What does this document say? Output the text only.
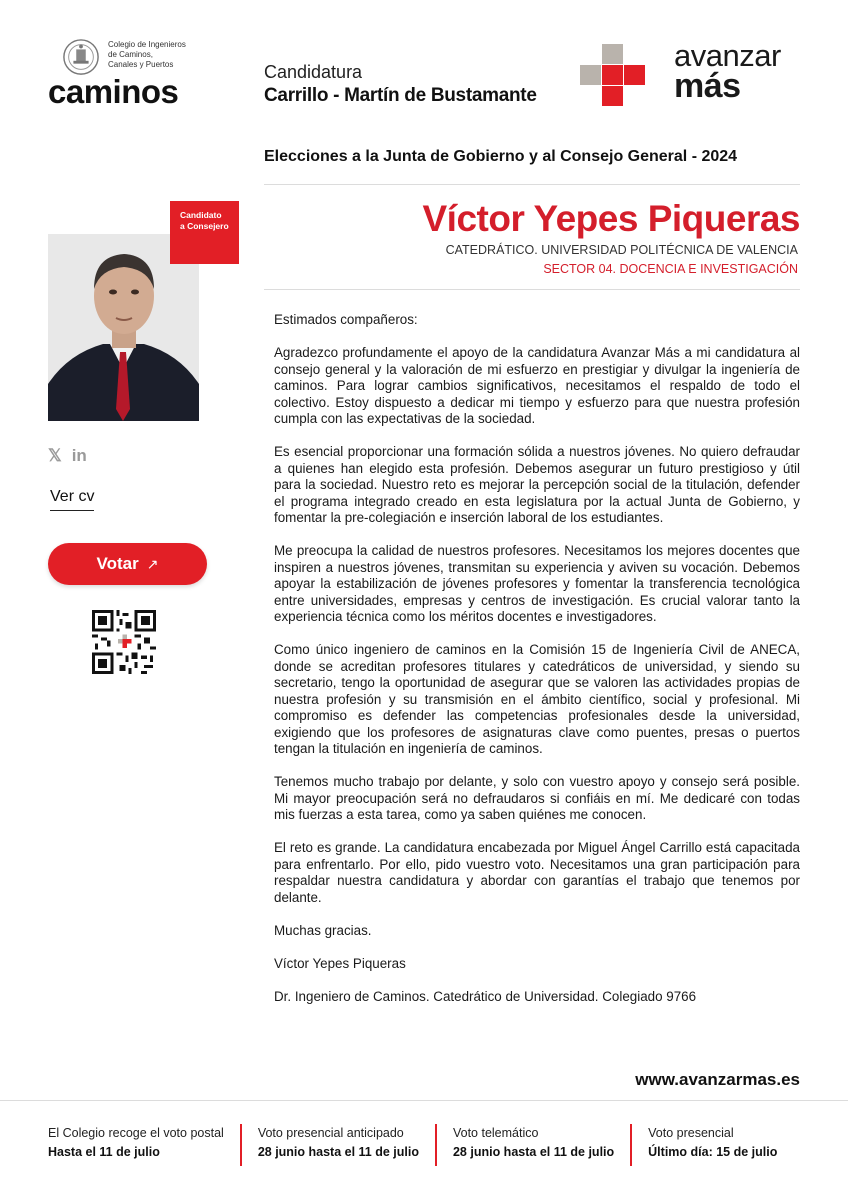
Colegio de Ingenieros
de Caminos,
Canales y Puertos
caminos
Candidatura
Carrillo - Martín de Bustamante
avanzar
más
Elecciones a la Junta de Gobierno y al Consejo General - 2024
Víctor Yepes Piqueras
CATEDRÁTICO. UNIVERSIDAD POLITÉCNICA DE VALENCIA
SECTOR 04. DOCENCIA E INVESTIGACIÓN
Candidato
a Consejero
𝕏 in
Ver cv
Votar ↗

Estimados compañeros:

Agradezco profundamente el apoyo de la candidatura Avanzar Más a mi candidatura al consejo general y la valoración de mi esfuerzo en prestigiar y divulgar la ingeniería de caminos. Para lograr cambios significativos, necesitamos el respaldo de todo el colectivo. Estoy dispuesto a dedicar mi tiempo y esfuerzo para que nuestra profesión cumpla con las expectativas de la sociedad.

Es esencial proporcionar una formación sólida a nuestros jóvenes. No quiero defraudar a quienes han elegido esta profesión. Debemos asegurar un futuro prestigioso y útil para la sociedad. Nuestro reto es mejorar la percepción social de la titulación, defender el programa integrado creado en esta legislatura por la actual Junta de Gobierno, y fomentar la pre-colegiación e inserción laboral de los estudiantes.

Me preocupa la calidad de nuestros profesores. Necesitamos los mejores docentes que inspiren a nuestros jóvenes, transmitan su experiencia y aviven su vocación. Debemos apoyar la estabilización de jóvenes profesores y fomentar la transferencia tecnológica entre universidades, empresas y centros de investigación. Es crucial valorar tanto la experiencia técnica como los méritos docentes e investigadores.

Como único ingeniero de caminos en la Comisión 15 de Ingeniería Civil de ANECA, donde se acreditan profesores titulares y catedráticos de universidad, y siendo su secretario, tengo la oportunidad de asegurar que se valoren las actividades propias de nuestra profesión y su transmisión en el ámbito científico, social y profesional. Mi compromiso es defender las competencias profesionales desde la universidad, exigiendo que los profesores de asignaturas clave como puentes, presas o puertos tengan la titulación en ingeniería de caminos.

Tenemos mucho trabajo por delante, y solo con vuestro apoyo y consejo será posible. Mi mayor preocupación será no defraudaros si confiáis en mí. Me dedicaré con todas mis fuerzas a esta tarea, como ya saben quiénes me conocen.

El reto es grande. La candidatura encabezada por Miguel Ángel Carrillo está capacitada para enfrentarlo. Por ello, pido vuestro voto. Necesitamos una gran participación para respaldar nuestra candidatura y abordar con garantías el trabajo que tenemos por delante.

Muchas gracias.

Víctor Yepes Piqueras

Dr. Ingeniero de Caminos. Catedrático de Universidad. Colegiado 9766

www.avanzarmas.es
El Colegio recoge el voto postal
Hasta el 11 de julio
Voto presencial anticipado
28 junio hasta el 11 de julio
Voto telemático
28 junio hasta el 11 de julio
Voto presencial
Último día: 15 de julio
